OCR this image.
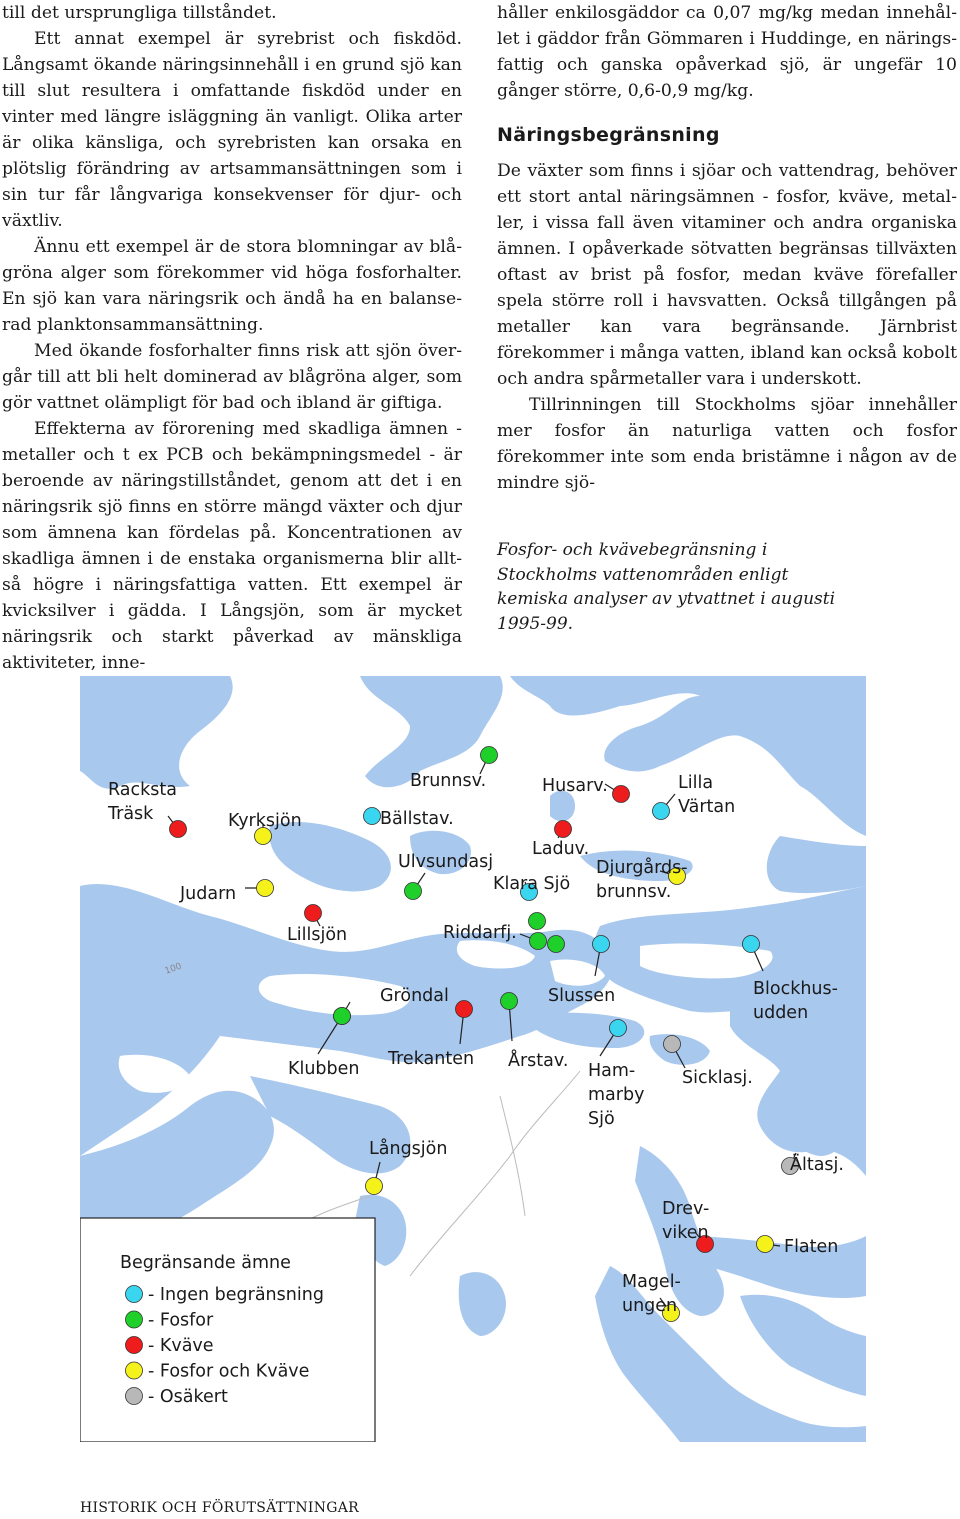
till det ursprungliga tillståndet.

Ett annat exempel är syrebrist och fiskdöd. Långsamt ökande näringsinnehåll i en grund sjö kan till slut resultera i omfattande fiskdöd under en vinter med längre isläggning än vanligt. Olika arter är olika känsliga, och syrebristen kan orsaka en plötslig förändring av artsammansättningen som i sin tur får långvariga konsekvenser för djur- och växtliv.

Ännu ett exempel är de stora blomningar av blågröna alger som förekommer vid höga fosforhalter. En sjö kan vara näringsrik och ändå ha en balanserad planktonsammansättning.

Med ökande fosforhalter finns risk att sjön övergår till att bli helt dominerad av blågröna alger, som gör vattnet olämpligt för bad och ibland är giftiga.

Effekterna av förorening med skadliga ämnen - metaller och t ex PCB och bekämpningsmedel - är beroende av näringstillståndet, genom att det i en näringsrik sjö finns en större mängd växter och djur som ämnena kan fördelas på. Koncentrationen av skadliga ämnen i de enstaka organismerna blir alltså högre i näringsfattiga vatten. Ett exempel är kvicksilver i gädda. I Långsjön, som är mycket näringsrik och starkt påverkad av mänskliga aktiviteter, inne-

håller enkilosgäddor ca 0,07 mg/kg medan innehållet i gäddor från Gömmaren i Huddinge, en näringsfattig och ganska opåverkad sjö, är ungefär 10 gånger större, 0,6-0,9 mg/kg.

Näringsbegränsning

De växter som finns i sjöar och vattendrag, behöver ett stort antal näringsämnen - fosfor, kväve, metaller, i vissa fall även vitaminer och andra organiska ämnen. I opåverkade sötvatten begränsas tillväxten oftast av brist på fosfor, medan kväve förefaller spela större roll i havsvatten. Också tillgången på metaller kan vara begränsande. Järnbrist förekommer i många vatten, ibland kan också kobolt och andra spårmetaller vara i underskott.

Tillrinningen till Stockholms sjöar innehåller mer fosfor än naturliga vatten och fosfor förekommer inte som enda bristämne i någon av de mindre sjö-

Fosfor- och kvävebegränsning i Stockholms vattenområden enligt kemiska analyser av ytvattnet i augusti 1995-99.
100
Begränsande ämne
- Ingen begränsning
- Fosfor
- Kväve
- Fosfor och Kväve
- Osäkert
Racksta Träsk	Kyrksjön
Judarn
Lillsjön
Brunnsv.
Bällstav.
Ulvsundasj
Husarv.
Laduv.
Lilla Värtan
Klara Sjö
Djurgårds-brunnsv.
Riddarfj.
Slussen	Blockhus-udden
Gröndal
Klubben Trekanten Årstav. Ham-marby Sjö
Sicklasj.
Långsjön
Ältasj.
Drev-viken
Flaten
Magel-ungen
HISTORIK OCH FÖRUTSÄTTNINGAR
